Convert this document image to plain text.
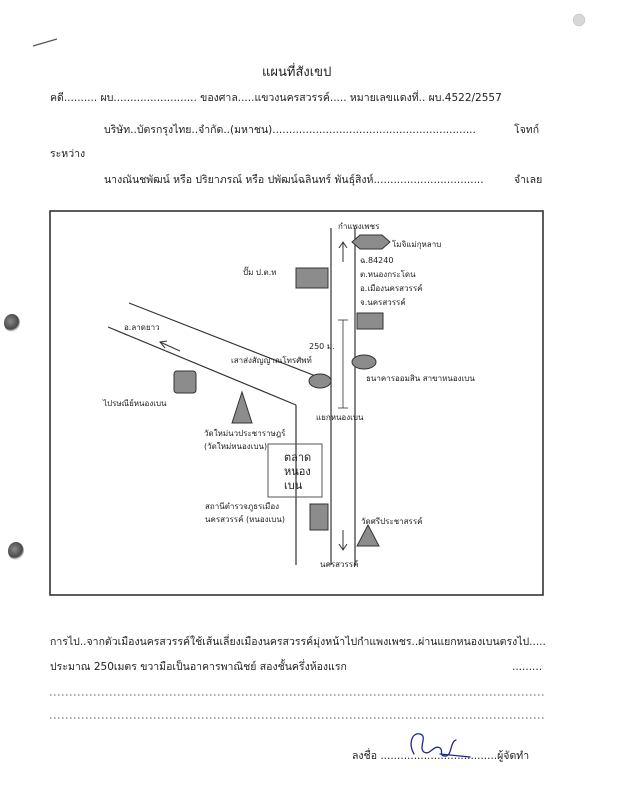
แผนที่สังเขป
คดี.......... ผบ......................... ของศาล.....แขวงนครสวรรค์..... หมายเลขแดงที่.. ผบ.4522/2557
บริษัท..บัตรกรุงไทย..จำกัด..(มหาชน).............................................................	โจทก์
ระหว่าง
นางณันชพัฒน์ หรือ ปริยาภรณ์ หรือ ปพัฒน์ฉลินทร์ พันธุ์สิงห์.................................	จำเลย
กำแพงเพชร
โมจิแม่กุหลาบ
ฉ.84240
ต.หนองกระโดน
อ.เมืองนครสวรรค์
จ.นครสวรรค์
ปั๊ม ป.ต.ท
อ.ลาดยาว
250 ม.
เสาส่งสัญญาณโทรศัพท์
ธนาคารออมสิน สาขาหนองเบน
ไปรษณีย์หนองเบน
แยกหนองเบน
วัดใหม่นวประชาราษฎร์
(วัดใหม่หนองเบน)
ตลาด
หนอง
เบน
สถานีตำรวจภูธรเมือง
นครสวรรค์ (หนองเบน)	วัดศรีประชาสรรค์
นครสวรรค์
การไป..จากตัวเมืองนครสวรรค์ใช้เส้นเลี่ยงเมืองนครสวรรค์มุ่งหน้าไปกำแพงเพชร..ผ่านแยกหนองเบนตรงไป.....
ประมาณ 250เมตร ขวามือเป็นอาคารพาณิชย์ สองชั้นครึ่งห้องแรก	.........
ลงชื่อ ...................................ผู้จัดทำ
